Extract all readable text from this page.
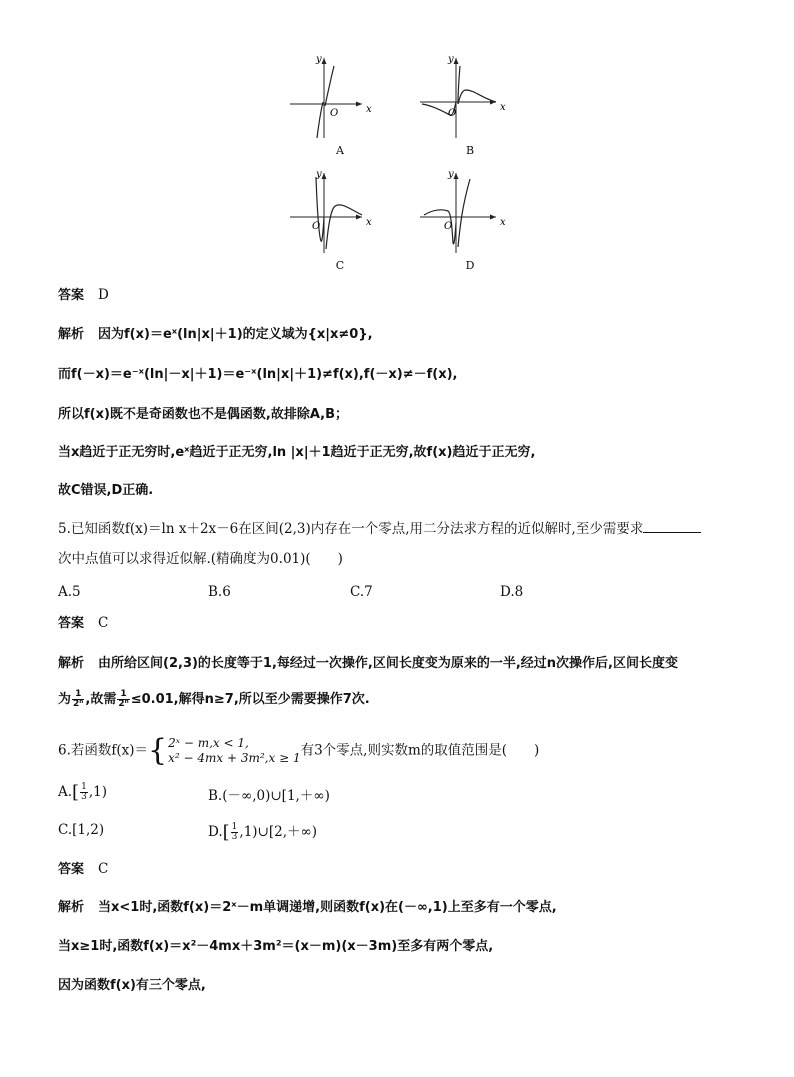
y
x
O
A
y
x
O
B
y
x
O
C
y
x
O
D
答案 D
解析 因为f(x)＝eˣ(ln|x|＋1)的定义域为{x|x≠0},
而f(－x)＝e⁻ˣ(ln|－x|＋1)＝e⁻ˣ(ln|x|＋1)≠f(x),f(－x)≠－f(x),
所以f(x)既不是奇函数也不是偶函数,故排除A,B；
当x趋近于正无穷时,eˣ趋近于正无穷,ln |x|＋1趋近于正无穷,故f(x)趋近于正无穷,
故C错误,D正确.
5.已知函数f(x)＝ln x＋2x－6在区间(2,3)内存在一个零点,用二分法求方程的近似解时,至少需要求
次中点值可以求得近似解.(精确度为0.01)(　　)
A.5	B.6	C.7	D.8
答案 C
解析 由所给区间(2,3)的长度等于1,每经过一次操作,区间长度变为原来的一半,经过n次操作后,区间长度变
为 $\frac{1}{\text{2ⁿ}}$ ,故需 $\frac{1}{\text{2ⁿ}} \le 0.01$,解得n≥7,所以至少需要操作7次.
6.若函数f(x)＝{ 2ˣ − m,x < 1,
x² − 4mx + 3m²,x ≥ 1 有3个零点,则实数m的取值范围是(　　)
$A.[ \frac{1}{3} ,1)$	B.(－∞,0)∪[1,＋∞)
C.[1,2)	$D.[ \frac{1}{3}$ ,1)∪[2,＋∞)
答案 C
解析 当x<1时,函数f(x)＝2ˣ－m单调递增,则函数f(x)在(－∞,1)上至多有一个零点,
当x≥1时,函数f(x)＝x²－4mx＋3m²＝(x－m)(x－3m)至多有两个零点,
因为函数f(x)有三个零点,
